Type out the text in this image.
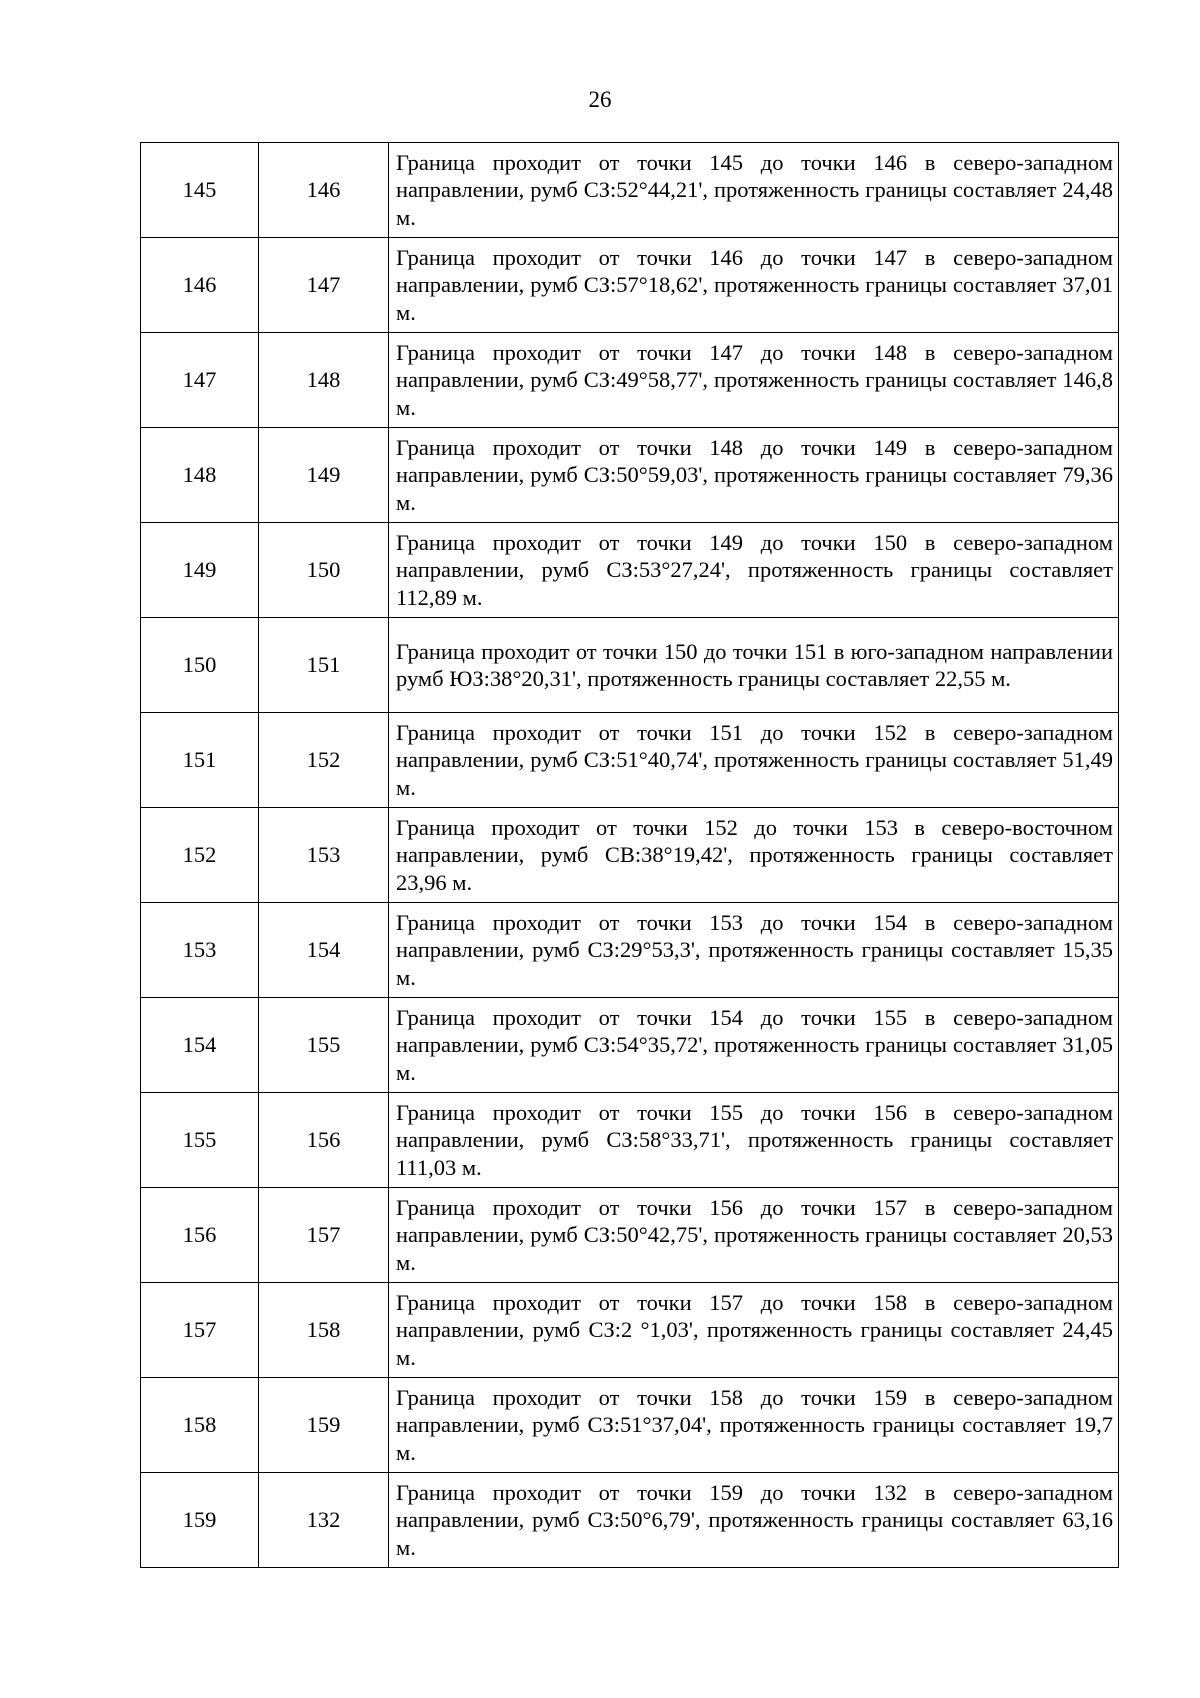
26
145	146	Граница проходит от точки 145 до точки 146 в северо-западном направлении, румб СЗ:52°44,21', протяженность границы составляет 24,48 м.
146	147	Граница проходит от точки 146 до точки 147 в северо-западном направлении, румб СЗ:57°18,62', протяженность границы составляет 37,01 м.
147	148	Граница проходит от точки 147 до точки 148 в северо-западном направлении, румб СЗ:49°58,77', протяженность границы составляет 146,8 м.
148	149	Граница проходит от точки 148 до точки 149 в северо-западном направлении, румб СЗ:50°59,03', протяженность границы составляет 79,36 м.
149	150	Граница проходит от точки 149 до точки 150 в северо-западном направлении, румб СЗ:53°27,24', протяженность границы составляет 112,89 м.
150	151	Граница проходит от точки 150 до точки 151 в юго-западном направлении румб ЮЗ:38°20,31', протяженность границы составляет 22,55 м.
151	152	Граница проходит от точки 151 до точки 152 в северо-западном направлении, румб СЗ:51°40,74', протяженность границы составляет 51,49 м.
152	153	Граница проходит от точки 152 до точки 153 в северо-восточном направлении, румб СВ:38°19,42', протяженность границы составляет 23,96 м.
153	154	Граница проходит от точки 153 до точки 154 в северо-западном направлении, румб СЗ:29°53,3', протяженность границы составляет 15,35 м.
154	155	Граница проходит от точки 154 до точки 155 в северо-западном направлении, румб СЗ:54°35,72', протяженность границы составляет 31,05 м.
155	156	Граница проходит от точки 155 до точки 156 в северо-западном направлении, румб СЗ:58°33,71', протяженность границы составляет 111,03 м.
156	157	Граница проходит от точки 156 до точки 157 в северо-западном направлении, румб СЗ:50°42,75', протяженность границы составляет 20,53 м.
157	158	Граница проходит от точки 157 до точки 158 в северо-западном направлении, румб СЗ:2 °1,03', протяженность границы составляет 24,45 м.
158	159	Граница проходит от точки 158 до точки 159 в северо-западном направлении, румб СЗ:51°37,04', протяженность границы составляет 19,7 м.
159	132	Граница проходит от точки 159 до точки 132 в северо-западном направлении, румб СЗ:50°6,79', протяженность границы составляет 63,16 м.
